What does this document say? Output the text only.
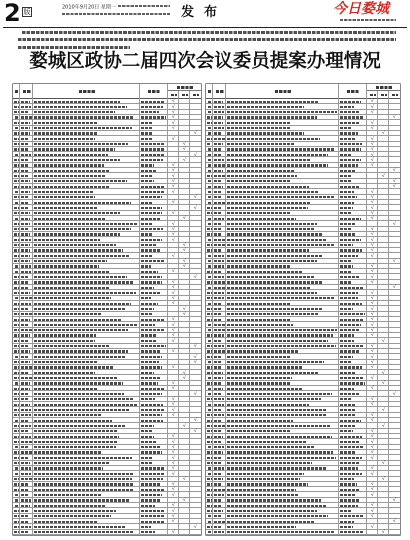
2 版
2010年9月20日 星期一	发布	今日婺城
婺城区政协二届四次会议委员提案办理情况
√
√
√
√
√
√
√
√
√
√
√
√
√
√
√
√
√
√
√
√
√
√
√
√
√
√
√
√
√
√
√
√
√
√
√
√
√
√
√
√
√
√
√
√
√
√
√
√
√
√
√
√
√
√
√
√
√
√
√
√
√
√
√
√
√
√
√
√
√
√
√
√
√
√
√
√
√
√
√
√
√
√
√
√
√
√
√
√
√
√
√
√
√
√
√
√
√
√
√
√
√
√
√
√
√
√
√
√
√
√
√
√
√
√
√
√
√
√
√
√
√
√
√
√
√
√
√
√
√
√
√
√
√
√
√
√
√
√
√
√
√
√
√
√
√
√
√
√
√
√
√
√
√
√
√
√
√
√
√
√
√
√
√
√
